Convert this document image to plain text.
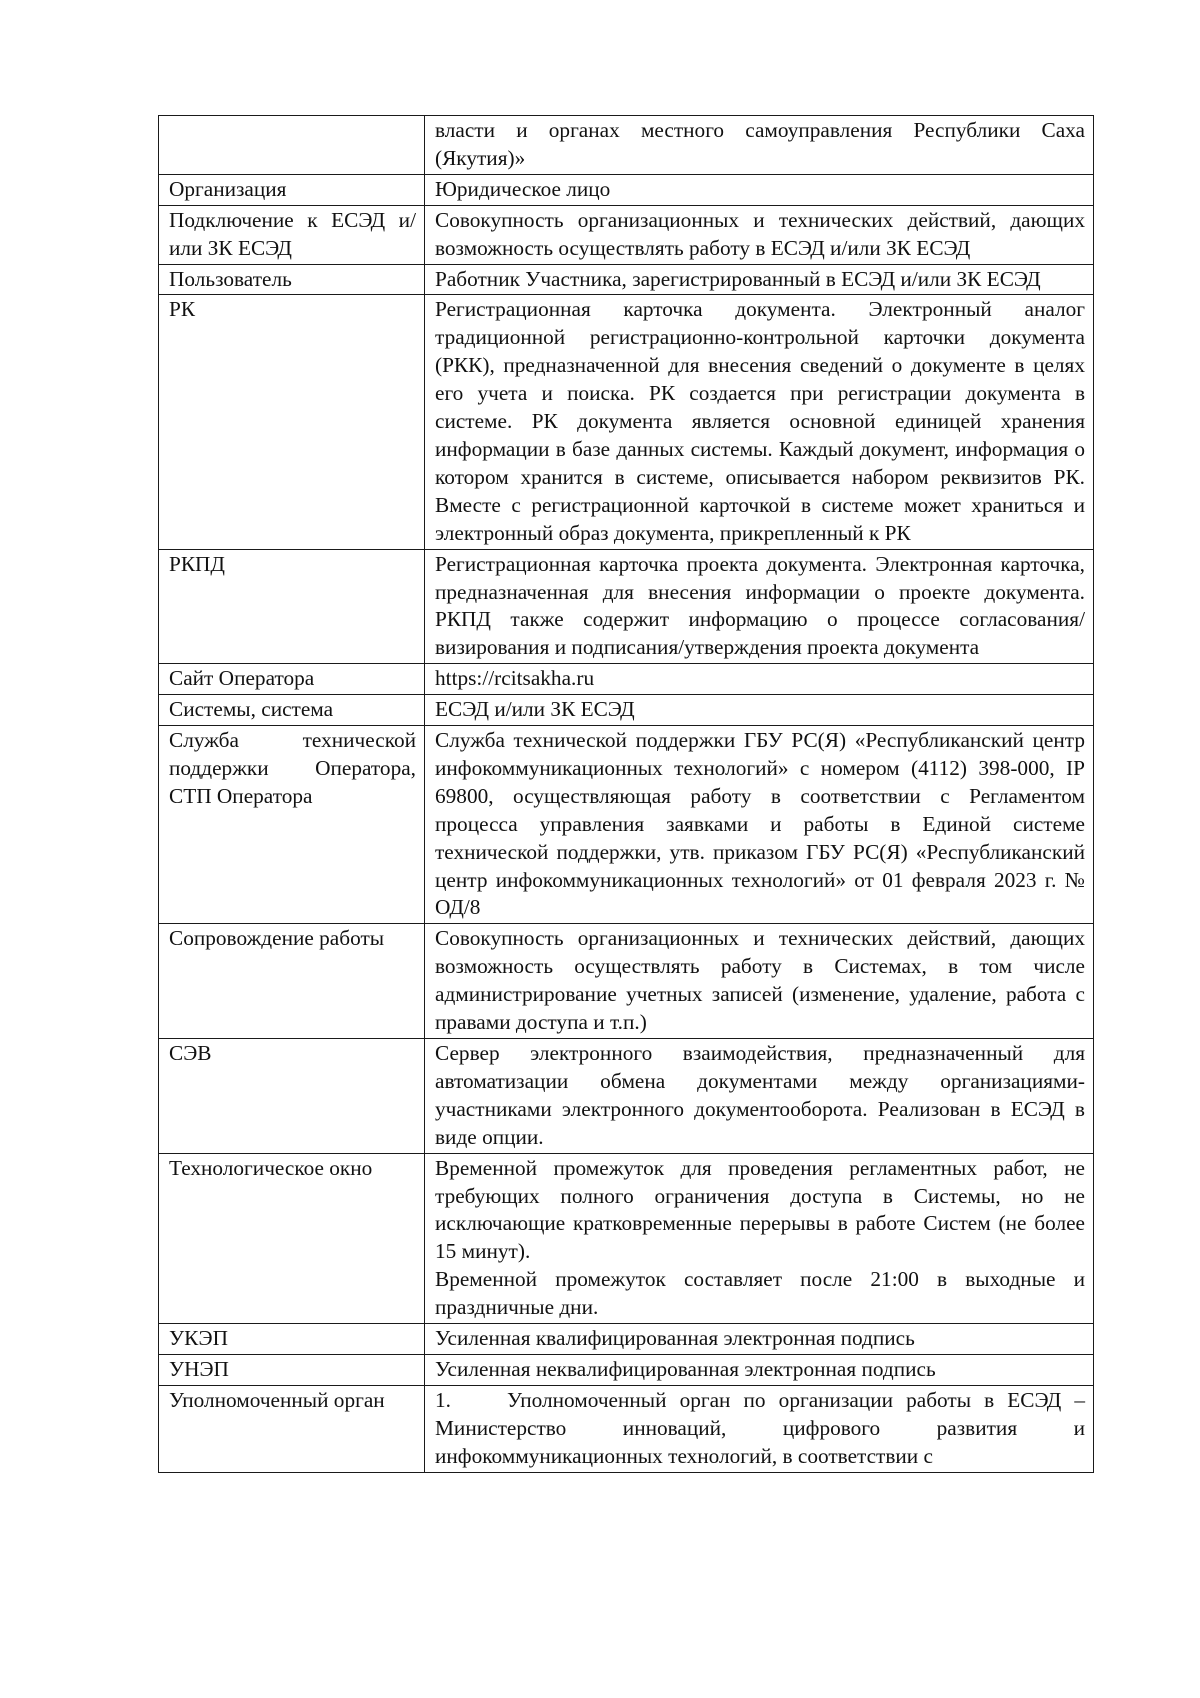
	власти и органах местного самоуправления Республики Саха (Якутия)»

Организация	Юридическое лицо

Подключение к ЕСЭД и/или ЗК ЕСЭД	Совокупность организационных и технических действий, дающих возможность осуществлять работу в ЕСЭД и/или ЗК ЕСЭД

Пользователь	Работник Участника, зарегистрированный в ЕСЭД и/или ЗК ЕСЭД

РК	Регистрационная карточка документа. Электронный аналог традиционной регистрационно-контрольной карточки документа (РКК), предназначенной для внесения сведений о документе в целях его учета и поиска. РК создается при регистрации документа в системе. РК документа является основной единицей хранения информации в базе данных системы. Каждый документ, информация о котором хранится в системе, описывается набором реквизитов РК. Вместе с регистрационной карточкой в системе может храниться и электронный образ документа, прикрепленный к РК

РКПД	Регистрационная карточка проекта документа. Электронная карточка, предназначенная для внесения информации о проекте документа. РКПД также содержит информацию о процессе согласования/визирования и подписания/утверждения проекта документа

Сайт Оператора	https://rcitsakha.ru

Системы, система	ЕСЭД и/или ЗК ЕСЭД

Служба технической поддержки Оператора, СТП Оператора	Служба технической поддержки ГБУ РС(Я) «Республиканский центр инфокоммуникационных технологий» с номером (4112) 398-000, IP 69800, осуществляющая работу в соответствии с Регламентом процесса управления заявками и работы в Единой системе технической поддержки, утв. приказом ГБУ РС(Я) «Республиканский центр инфокоммуникационных технологий» от 01 февраля 2023 г. № ОД/8

Сопровождение работы	Совокупность организационных и технических действий, дающих возможность осуществлять работу в Системах, в том числе администрирование учетных записей (изменение, удаление, работа с правами доступа и т.п.)

СЭВ	Сервер электронного взаимодействия, предназначенный для автоматизации обмена документами между организациями-участниками электронного документооборота. Реализован в ЕСЭД в виде опции.

Технологическое окно	Временной промежуток для проведения регламентных работ, не требующих полного ограничения доступа в Системы, но не исключающие кратковременные перерывы в работе Систем (не более 15 минут).
Временной промежуток составляет после 21:00 в выходные и праздничные дни.

УКЭП	Усиленная квалифицированная электронная подпись

УНЭП	Усиленная неквалифицированная электронная подпись

Уполномоченный орган	1. Уполномоченный орган по организации работы в ЕСЭД – Министерство инноваций, цифрового развития и инфокоммуникационных технологий, в соответствии с
